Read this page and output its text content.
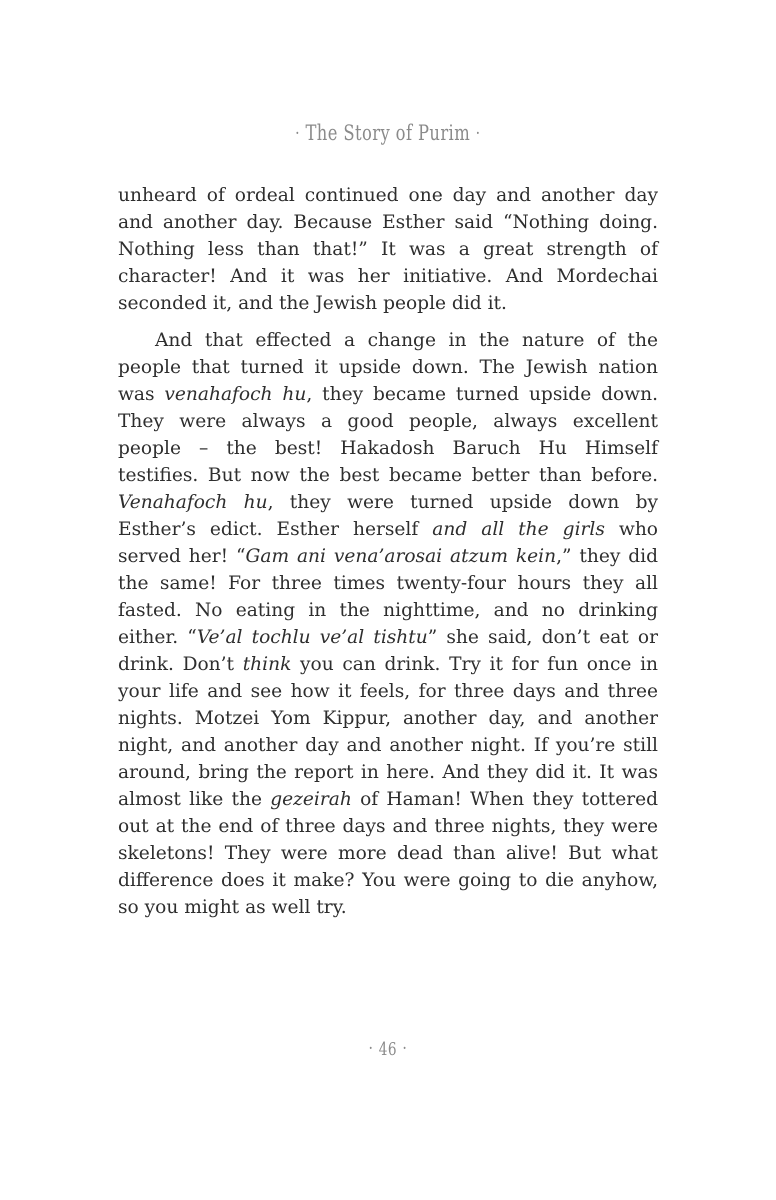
· The Story of Purim ·

unheard of ordeal continued one day and another day and another day. Because Esther said “Nothing doing. Nothing less than that!” It was a great strength of character! And it was her initiative. And Mordechai seconded it, and the Jewish people did it.

And that effected a change in the nature of the people that turned it upside down. The Jewish nation was venahafoch hu, they became turned upside down. They were always a good people, always excellent people – the best! Hakadosh Baruch Hu Himself testifies. But now the best became better than before. Venahafoch hu, they were turned upside down by Esther’s edict. Esther herself and all the girls who served her! “Gam ani vena’arosai atzum kein,” they did the same! For three times twenty-four hours they all fasted. No eating in the nighttime, and no drinking either. “Ve’al tochlu ve’al tishtu” she said, don’t eat or drink. Don’t think you can drink. Try it for fun once in your life and see how it feels, for three days and three nights. Motzei Yom Kippur, another day, and another night, and another day and another night. If you’re still around, bring the report in here. And they did it. It was almost like the gezeirah of Haman! When they tottered out at the end of three days and three nights, they were skeletons! They were more dead than alive! But what difference does it make? You were going to die anyhow, so you might as well try.

· 46 ·
